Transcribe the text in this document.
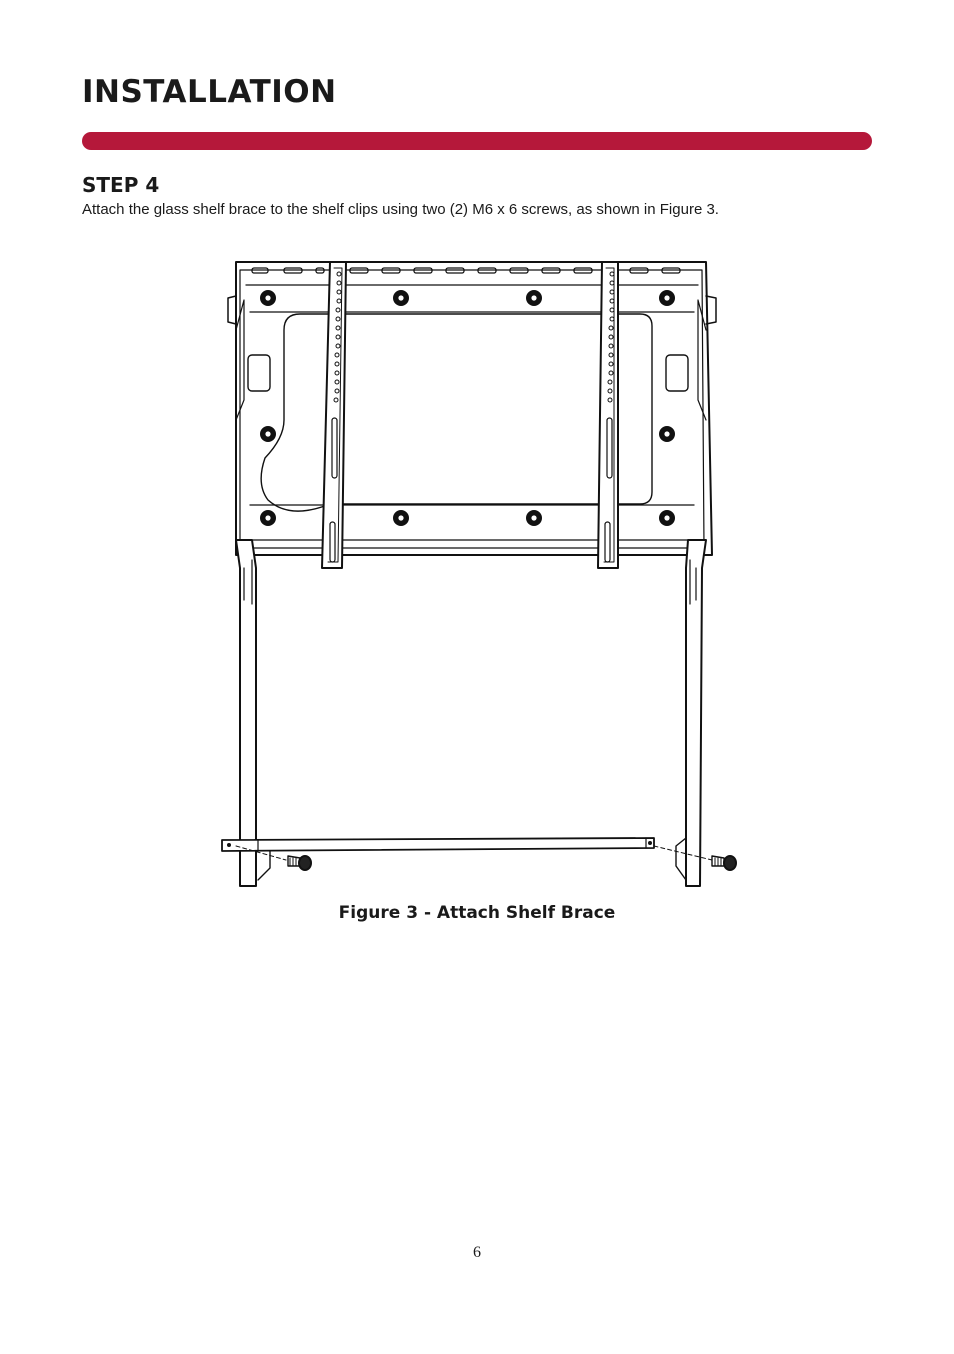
INSTALLATION
STEP 4
Attach the glass shelf brace to the shelf clips using two (2) M6 x 6 screws, as shown in Figure 3.
Figure 3 - Attach Shelf Brace
6
